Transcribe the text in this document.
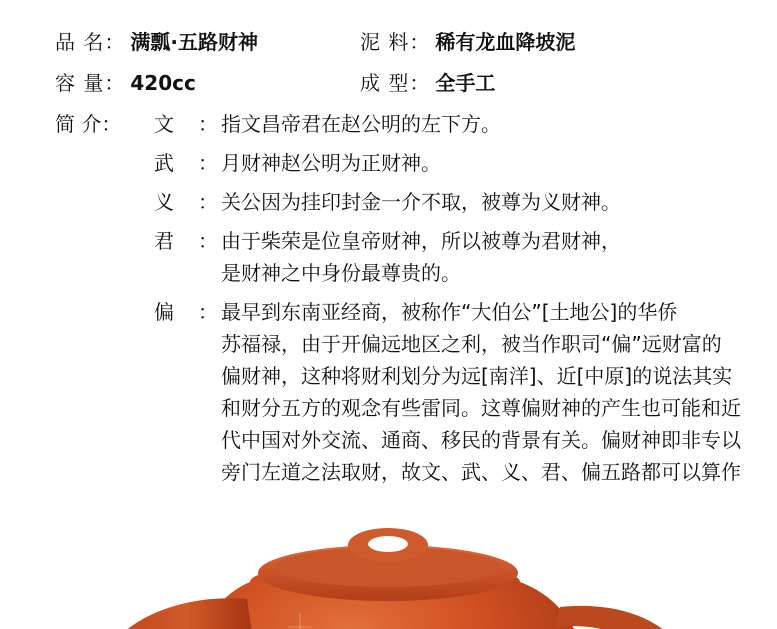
品 名 ： 满瓢·五路财神	泥 料 ： 稀有龙血降坡泥
容 量 ： 420cc	成 型 ： 全手工
简 介： 文	： 指文昌帝君在赵公明的左下方。
武	： 月财神赵公明为正财神。
义	： 关公因为挂印封金一介不取，被尊为义财神。
君	： 由于柴荣是位皇帝财神，所以被尊为君财神，
是财神之中身份最尊贵的。
偏	： 最早到东南亚经商，被称作“大伯公”[土地公]的华侨
苏福禄，由于开偏远地区之利，被当作职司“偏”远财富的
偏财神，这种将财利划分为远[南洋]、近[中原]的说法其实
和财分五方的观念有些雷同。这尊偏财神的产生也可能和近
代中国对外交流、通商、移民的背景有关。偏财神即非专以
旁门左道之法取财，故文、武、义、君、偏五路都可以算作
